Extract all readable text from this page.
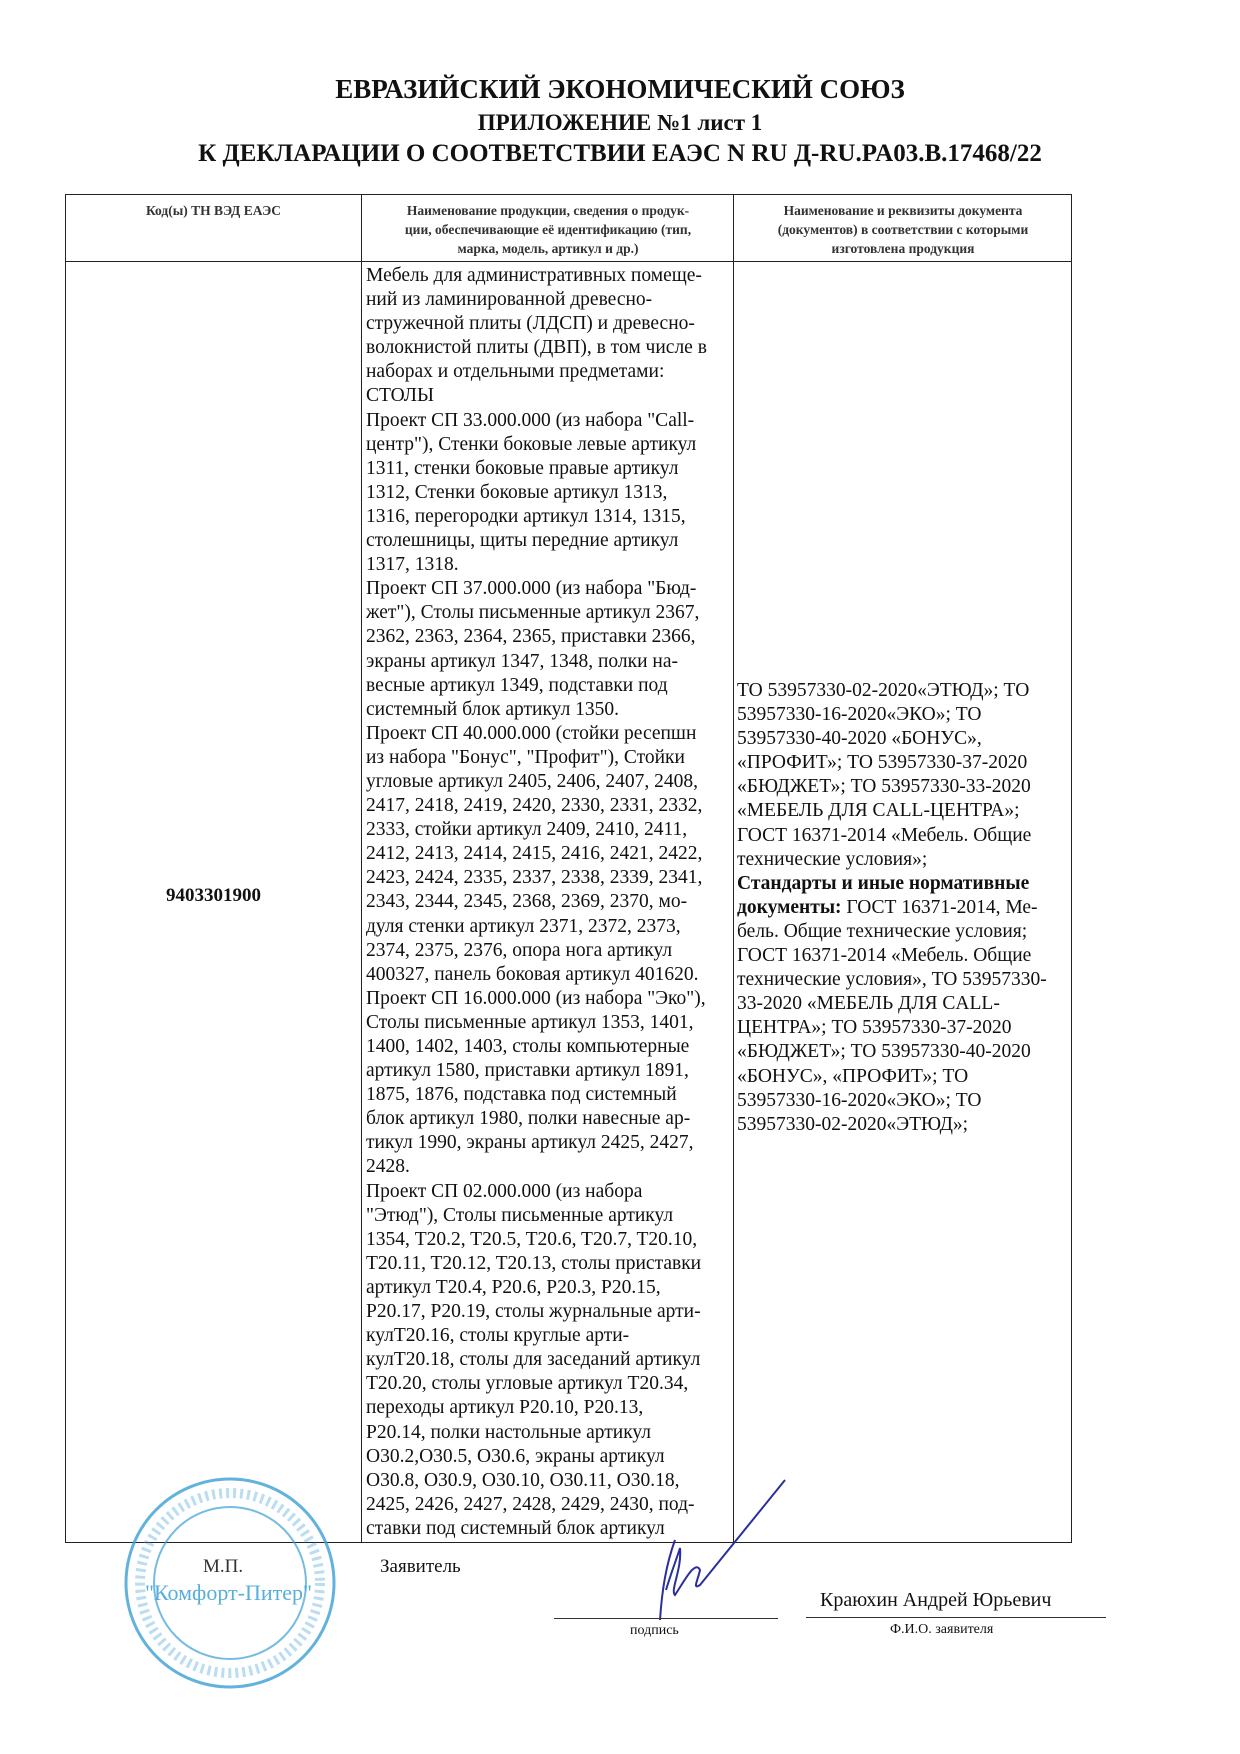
ЕВРАЗИЙСКИЙ ЭКОНОМИЧЕСКИЙ СОЮЗ
ПРИЛОЖЕНИЕ №1 лист 1
К ДЕКЛАРАЦИИ О СООТВЕТСТВИИ ЕАЭС N RU Д-RU.PA03.B.17468/22
Код(ы) ТН ВЭД ЕАЭС	Наименование продукции, сведения о продук-
ции, обеспечивающие её идентификацию (тип,
марка, модель, артикул и др.)
Наименование и реквизиты документа
(документов) в соответствии с которыми
изготовлена продукция
9403301900
Мебель для административных помеще-
ний из ламинированной древесно-
стружечной плиты (ЛДСП) и древесно-
волокнистой плиты (ДВП), в том числе в
наборах и отдельными предметами:
СТОЛЫ
Проект СП 33.000.000 (из набора "Call-
центр"), Стенки боковые левые артикул
1311, стенки боковые правые артикул
1312, Стенки боковые артикул 1313,
1316, перегородки артикул 1314, 1315,
столешницы, щиты передние артикул
1317, 1318.
Проект СП 37.000.000 (из набора "Бюд-
жет"), Столы письменные артикул 2367,
2362, 2363, 2364, 2365, приставки 2366,
экраны артикул 1347, 1348, полки на-
весные артикул 1349, подставки под
системный блок артикул 1350.
Проект СП 40.000.000 (стойки ресепшн
из набора "Бонус", "Профит"), Стойки
угловые артикул 2405, 2406, 2407, 2408,
2417, 2418, 2419, 2420, 2330, 2331, 2332,
2333, стойки артикул 2409, 2410, 2411,
2412, 2413, 2414, 2415, 2416, 2421, 2422,
2423, 2424, 2335, 2337, 2338, 2339, 2341,
2343, 2344, 2345, 2368, 2369, 2370, мо-
дуля стенки артикул 2371, 2372, 2373,
2374, 2375, 2376, опора нога артикул
400327, панель боковая артикул 401620.
Проект СП 16.000.000 (из набора "Эко"),
Столы письменные артикул 1353, 1401,
1400, 1402, 1403, столы компьютерные
артикул 1580, приставки артикул 1891,
1875, 1876, подставка под системный
блок артикул 1980, полки навесные ар-
тикул 1990, экраны артикул 2425, 2427,
2428.
Проект СП 02.000.000 (из набора
"Этюд"), Столы письменные артикул
1354, T20.2, T20.5, T20.6, T20.7, T20.10,
T20.11, T20.12, T20.13, столы приставки
артикул T20.4, P20.6, P20.3, P20.15,
P20.17, P20.19, столы журнальные арти-
кулT20.16, столы круглые арти-
кулT20.18, столы для заседаний артикул
T20.20, столы угловые артикул T20.34,
переходы артикул P20.10, P20.13,
P20.14, полки настольные артикул
O30.2,O30.5, O30.6, экраны артикул
O30.8, O30.9, O30.10, O30.11, O30.18,
2425, 2426, 2427, 2428, 2429, 2430, под-
ставки под системный блок артикул
ТО 53957330-02-2020«ЭТЮД»; ТО
53957330-16-2020«ЭКО»; ТО
53957330-40-2020 «БОНУС»,
«ПРОФИТ»; ТО 53957330-37-2020
«БЮДЖЕТ»; ТО 53957330-33-2020
«МЕБЕЛЬ ДЛЯ CALL-ЦЕНТРА»;
ГОСТ 16371-2014 «Мебель. Общие
технические условия»;
Стандарты и иные нормативные
документы: ГОСТ 16371-2014, Ме-
бель. Общие технические условия;
ГОСТ 16371-2014 «Мебель. Общие
технические условия», ТО 53957330-
33-2020 «МЕБЕЛЬ ДЛЯ CALL-
ЦЕНТРА»; ТО 53957330-37-2020
«БЮДЖЕТ»; ТО 53957330-40-2020
«БОНУС», «ПРОФИТ»; ТО
53957330-16-2020«ЭКО»; ТО
53957330-02-2020«ЭТЮД»;
М.П.
"Комфорт-Питер"
Заявитель
подпись
Краюхин Андрей Юрьевич
Ф.И.О. заявителя
